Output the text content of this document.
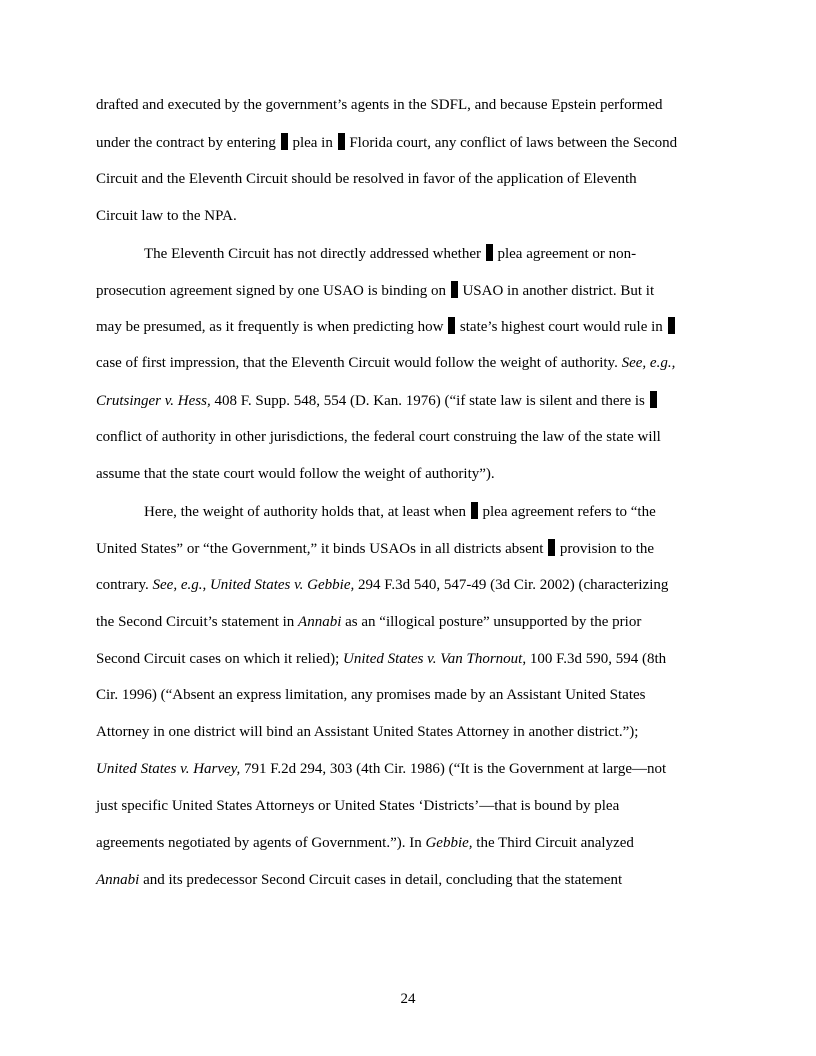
drafted and executed by the government’s agents in the SDFL, and because Epstein performed

under the contract by entering  plea in  Florida court, any conflict of laws between the Second

Circuit and the Eleventh Circuit should be resolved in favor of the application of Eleventh

Circuit law to the NPA.

The Eleventh Circuit has not directly addressed whether  plea agreement or non-

prosecution agreement signed by one USAO is binding on  USAO in another district. But it

may be presumed, as it frequently is when predicting how  state’s highest court would rule in

case of first impression, that the Eleventh Circuit would follow the weight of authority. See, e.g.,

Crutsinger v. Hess, 408 F. Supp. 548, 554 (D. Kan. 1976) (“if state law is silent and there is

conflict of authority in other jurisdictions, the federal court construing the law of the state will

assume that the state court would follow the weight of authority”).

Here, the weight of authority holds that, at least when  plea agreement refers to “the

United States” or “the Government,” it binds USAOs in all districts absent  provision to the

contrary. See, e.g., United States v. Gebbie, 294 F.3d 540, 547-49 (3d Cir. 2002) (characterizing

the Second Circuit’s statement in Annabi as an “illogical posture” unsupported by the prior

Second Circuit cases on which it relied); United States v. Van Thornout, 100 F.3d 590, 594 (8th

Cir. 1996) (“Absent an express limitation, any promises made by an Assistant United States

Attorney in one district will bind an Assistant United States Attorney in another district.”);

United States v. Harvey, 791 F.2d 294, 303 (4th Cir. 1986) (“It is the Government at large—not

just specific United States Attorneys or United States ‘Districts’—that is bound by plea

agreements negotiated by agents of Government.”). In Gebbie, the Third Circuit analyzed

Annabi and its predecessor Second Circuit cases in detail, concluding that the statement

24
